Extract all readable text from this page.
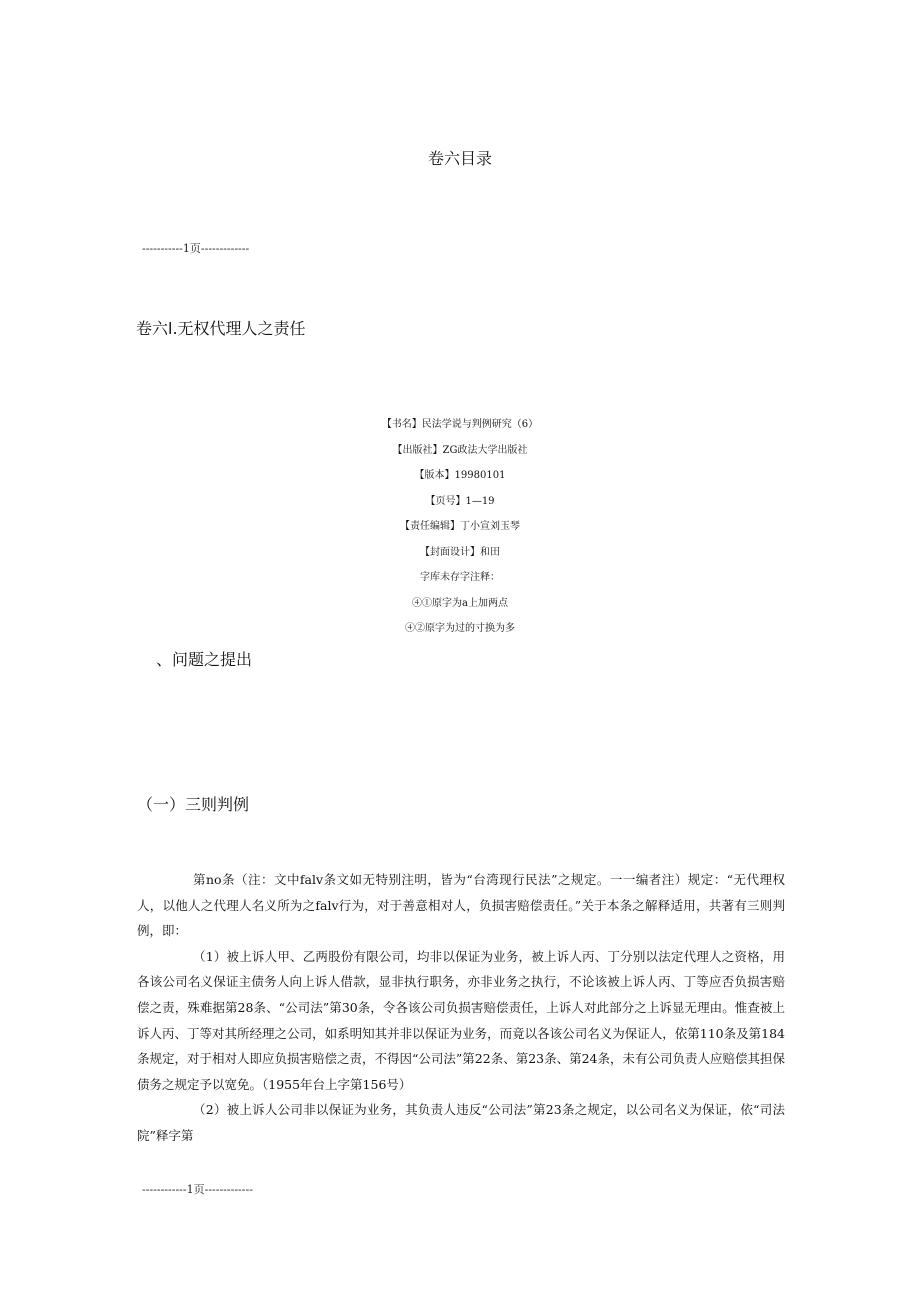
卷六目录
-----------1页-------------
卷六l.无权代理人之责任
【书名】民法学说与判例研究（6）
【出版社】ZG政法大学出版社
【版本】19980101
【页号】1—19
【责任编辑】丁小宣刘玉琴
【封面设计】和田
字库未存字注释：
④①原字为a上加两点
④②原字为过的寸换为多
、问题之提出
（一）三则判例

第no条（注：文中falv条文如无特别注明，皆为“台湾现行民法”之规定。一一编者注）规定：“无代理权人，以他人之代理人名义所为之falv行为，对于善意相对人，负损害赔偿责任。”关于本条之解释适用，共著有三则判例，即：

（1）被上诉人甲、乙两股份有限公司，均非以保证为业务，被上诉人丙、丁分别以法定代理人之资格，用各该公司名义保证主债务人向上诉人借款，显非执行职务，亦非业务之执行，不论该被上诉人丙、丁等应否负损害赔偿之责，殊难据第28条、“公司法”第30条，令各该公司负损害赔偿责任，上诉人对此部分之上诉显无理由。惟查被上诉人丙、丁等对其所经理之公司，如系明知其并非以保证为业务，而竟以各该公司名义为保证人，依第110条及第184条规定，对于相对人即应负损害赔偿之责，不得因“公司法”第22条、第23条、第24条，未有公司负责人应赔偿其担保债务之规定予以宽免。（1955年台上字第156号）

（2）被上诉人公司非以保证为业务，其负责人违反“公司法”第23条之规定，以公司名义为保证，依“司法院”释字第

------------1页-------------
